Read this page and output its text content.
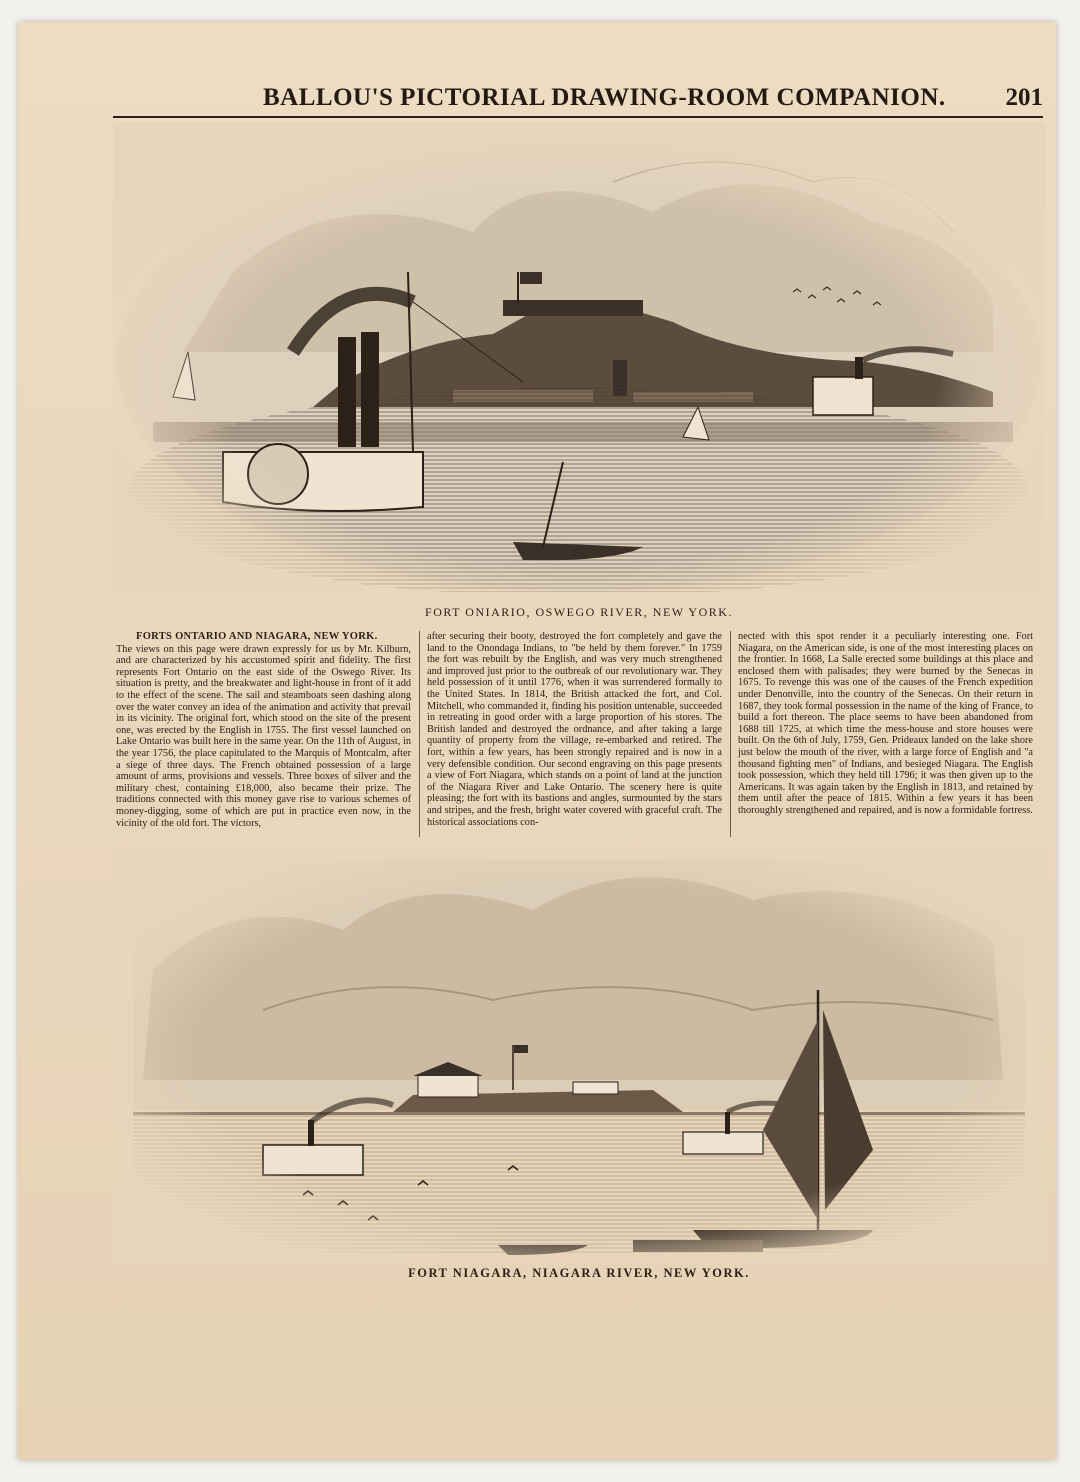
BALLOU'S PICTORIAL DRAWING-ROOM COMPANION. 201
FORT ONIARIO, OSWEGO RIVER, NEW YORK.
FORTS ONTARIO AND NIAGARA, NEW YORK.

The views on this page were drawn expressly for us by Mr. Kilburn, and are characterized by his accustomed spirit and fidelity. The first represents Fort Ontario on the east side of the Oswego River. Its situation is pretty, and the breakwater and light-house in front of it add to the effect of the scene. The sail and steamboats seen dashing along over the water convey an idea of the animation and activity that prevail in its vicinity. The original fort, which stood on the site of the present one, was erected by the English in 1755. The first vessel launched on Lake Ontario was built here in the same year. On the 11th of August, in the year 1756, the place capitulated to the Marquis of Montcalm, after a siege of three days. The French obtained possession of a large amount of arms, provisions and vessels. Three boxes of silver and the military chest, containing £18,000, also became their prize. The traditions connected with this money gave rise to various schemes of money-digging, some of which are put in practice even now, in the vicinity of the old fort. The victors,

after securing their booty, destroyed the fort completely and gave the land to the Onondaga Indians, to "be held by them forever." In 1759 the fort was rebuilt by the English, and was very much strengthened and improved just prior to the outbreak of our revolutionary war. They held possession of it until 1776, when it was surrendered formally to the United States. In 1814, the British attacked the fort, and Col. Mitchell, who commanded it, finding his position untenable, succeeded in retreating in good order with a large proportion of his stores. The British landed and destroyed the ordnance, and after taking a large quantity of property from the village, re-embarked and retired. The fort, within a few years, has been strongly repaired and is now in a very defensible condition. Our second engraving on this page presents a view of Fort Niagara, which stands on a point of land at the junction of the Niagara River and Lake Ontario. The scenery here is quite pleasing; the fort with its bastions and angles, surmounted by the stars and stripes, and the fresh, bright water covered with graceful craft. The historical associations con-

nected with this spot render it a peculiarly interesting one. Fort Niagara, on the American side, is one of the most interesting places on the frontier. In 1668, La Salle erected some buildings at this place and enclosed them with palisades; they were burned by the Senecas in 1675. To revenge this was one of the causes of the French expedition under Denonville, into the country of the Senecas. On their return in 1687, they took formal possession in the name of the king of France, to build a fort thereon. The place seems to have been abandoned from 1688 till 1725, at which time the mess-house and store houses were built. On the 6th of July, 1759, Gen. Prideaux landed on the lake shore just below the mouth of the river, with a large force of English and "a thousand fighting men" of Indians, and besieged Niagara. The English took possession, which they held till 1796; it was then given up to the Americans. It was again taken by the English in 1813, and retained by them until after the peace of 1815. Within a few years it has been thoroughly strengthened and repaired, and is now a formidable fortress.

FORT NIAGARA, NIAGARA RIVER, NEW YORK.
